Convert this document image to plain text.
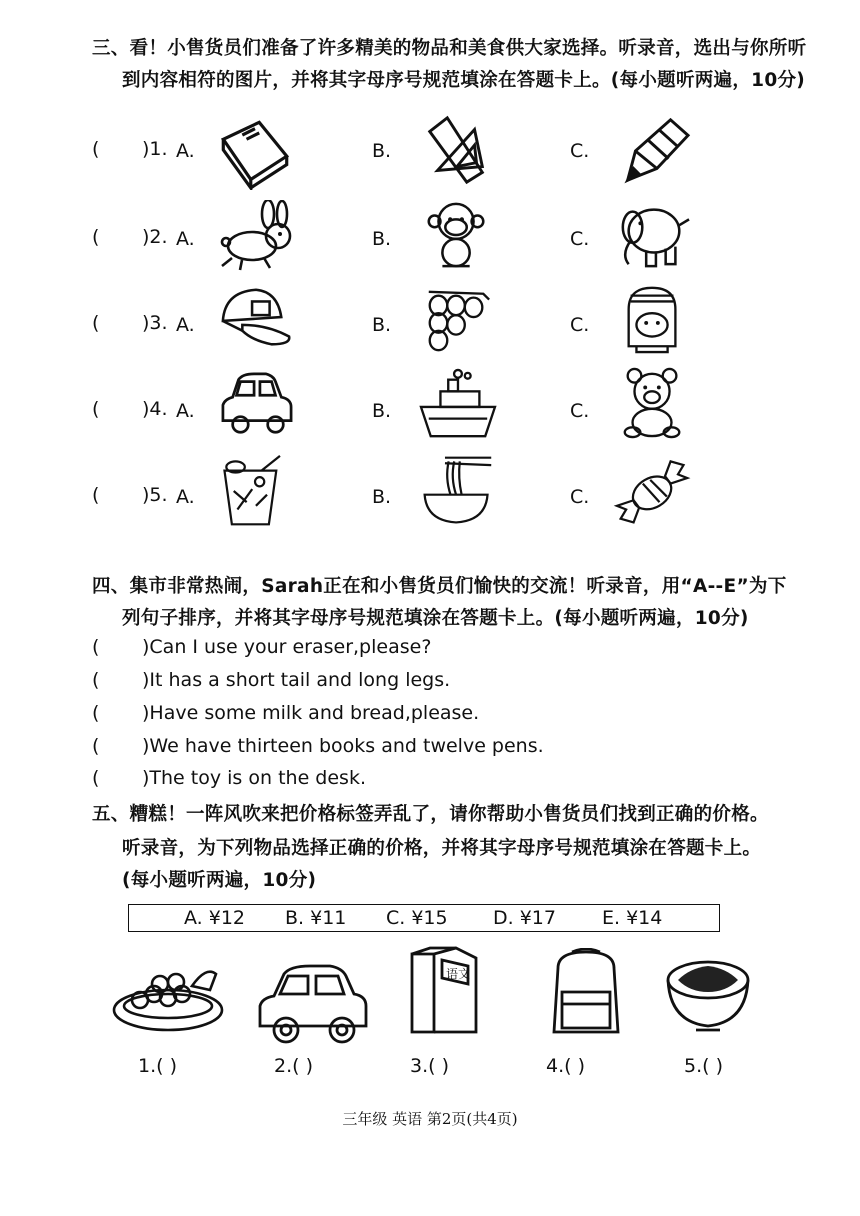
三、看！小售货员们准备了许多精美的物品和美食供大家选择。听录音，选出与你所听
到内容相符的图片，并将其字母序号规范填涂在答题卡上。(每小题听两遍，10分)
( )1. A.	B.	C.
( )2. A.	B.	C.
( )3. A.	B.	C.
( )4. A.	B.	C.
( )5. A.	B.	C.
四、集市非常热闹，Sarah正在和小售货员们愉快的交流！听录音，用“A--E”为下
列句子排序，并将其字母序号规范填涂在答题卡上。(每小题听两遍，10分)
( )Can I use your eraser,please?
( )It has a short tail and long legs.
( )Have some milk and bread,please.
( )We have thirteen books and twelve pens.
( )The toy is on the desk.
五、糟糕！一阵风吹来把价格标签弄乱了，请你帮助小售货员们找到正确的价格。
听录音，为下列物品选择正确的价格，并将其字母序号规范填涂在答题卡上。
(每小题听两遍，10分)
A. ¥12 B. ¥11 C. ¥15 D. ¥17 E. ¥14
语文
1.( )	2.( )	3.( )	4.( )	5.( )
三年级 英语 第2页(共4页)
